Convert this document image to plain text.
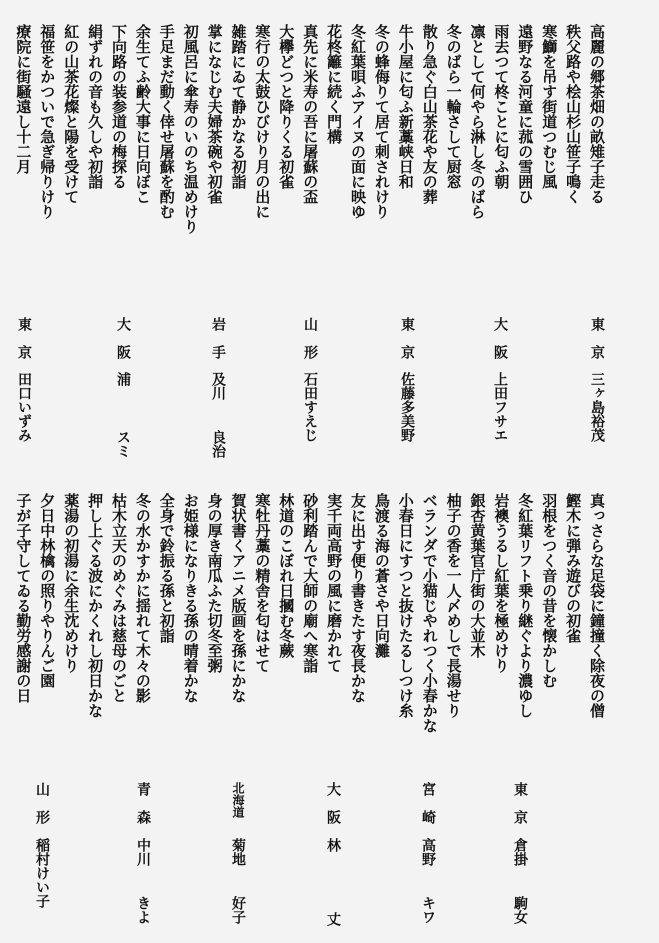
高麗の郷茶畑の畝雉子走る
秩父路や桧山杉山笹子鳴く
寒鰤を吊す街道つむじ風
遠野なる河童に菰の雪囲ひ
雨去つて柊ことに匂ふ朝
凛として何やら淋し冬のばら
冬のばら一輪さして厨窓
散り急ぐ白山茶花や友の葬
牛小屋に匂ふ新藁峡日和
冬の蜂侮りて居て刺されけり
冬紅葉唄ふアイヌの面に映ゆ
花柊籬に続く門構
真先に米寿の吾に屠蘇の盃
大欅どつと降りくる初雀
寒行の太鼓ひびけり月の出に
雑踏にゐて静かなる初詣
掌になじむ夫婦茶碗や初雀
初風呂に傘寿のいのち温めけり
手足まだ動く倖せ屠蘇を酌む
余生てふ齢大事に日向ぼこ
下向路の装参道の梅探る
絹ずれの音も久しや初詣
紅の山茶花燦と陽を受けて
福笹をかついで急ぎ帰りけり
療院に街騒遠し十二月
真っさらな足袋に鐘撞く除夜の僧
鰹木に弾み遊びの初雀
羽根をつく音の昔を懐かしむ
冬紅葉リフト乗り継ぐより濃ゆし
岩襖うるし紅葉を極めけり
銀杏黄葉官庁街の大並木
柚子の香を一人〆めしで長湯せり
ベランダで小猫じやれつく小春かな
小春日にすつと抜けたるしつけ糸
鳥渡る海の蒼さや日向灘
友に出す便り書きたす夜長かな
実千両高野の風に磨かれて
砂利踏んで大師の廟へ寒詣
林道のこぼれ日摑む冬蕨
寒牡丹藁の精舎を匂はせて
賀状書くアニメ版画を孫にかな
身の厚き南瓜ふた切冬至粥
お姫様になりきる孫の晴着かな
全身で鈴振る孫と初詣
冬の水かすかに揺れて木々の影
枯木立天のめぐみは慈母のごと
押し上ぐる波にかくれし初日かな
薬湯の初湯に余生沈めけり
夕日中林檎の照りやりんご園
子が子守してゐる勤労感謝の日
東京
三ヶ島裕茂
大阪
上田フサエ
東京
佐藤多美野
山形
石田すえじ
岩手
及川
良治
大阪
浦
スミ
東京
田口いずみ
東京
倉掛
駒女
宮崎
高野
キワ
大阪
林
丈
北海道
菊地
好子
青森
中川
きよ
山形
稲村けい子
